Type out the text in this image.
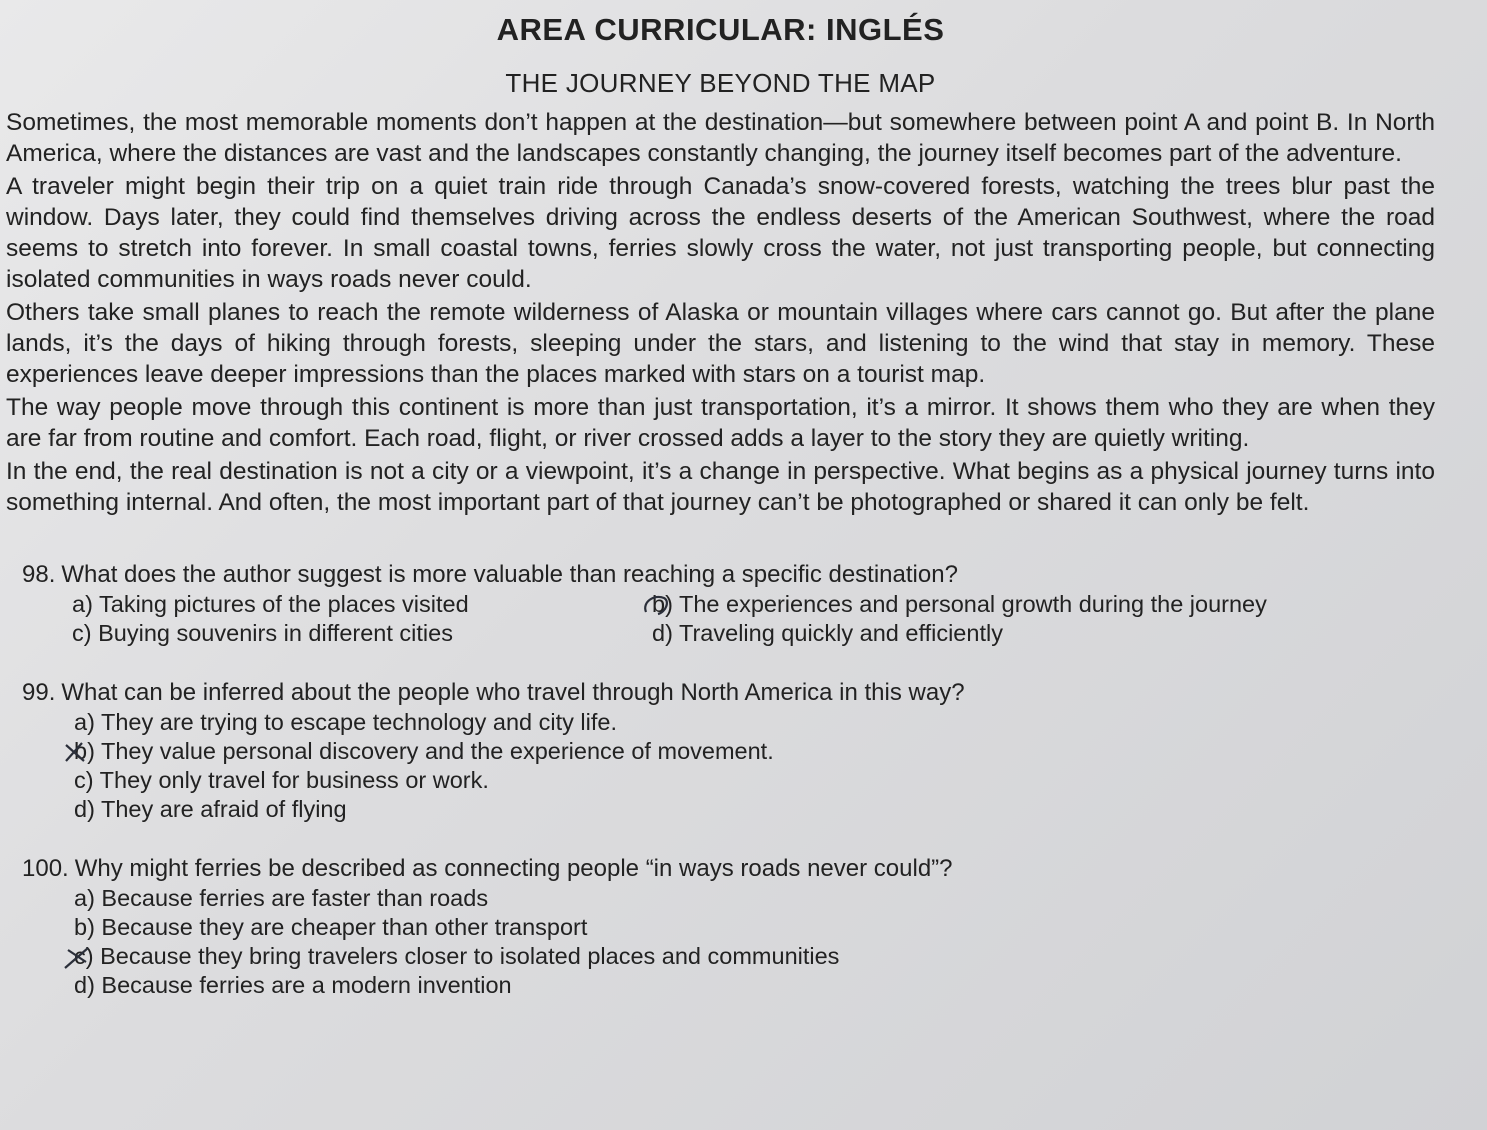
AREA CURRICULAR: INGLÉS
THE JOURNEY BEYOND THE MAP

Sometimes, the most memorable moments don’t happen at the destination—but somewhere between point A and point B. In North America, where the distances are vast and the landscapes constantly changing, the journey itself becomes part of the adventure.

A traveler might begin their trip on a quiet train ride through Canada’s snow-covered forests, watching the trees blur past the window. Days later, they could find themselves driving across the endless deserts of the American Southwest, where the road seems to stretch into forever. In small coastal towns, ferries slowly cross the water, not just transporting people, but connecting isolated communities in ways roads never could.

Others take small planes to reach the remote wilderness of Alaska or mountain villages where cars cannot go. But after the plane lands, it’s the days of hiking through forests, sleeping under the stars, and listening to the wind that stay in memory. These experiences leave deeper impressions than the places marked with stars on a tourist map.

The way people move through this continent is more than just transportation, it’s a mirror. It shows them who they are when they are far from routine and comfort. Each road, flight, or river crossed adds a layer to the story they are quietly writing.

In the end, the real destination is not a city or a viewpoint, it’s a change in perspective. What begins as a physical journey turns into something internal. And often, the most important part of that journey can’t be photographed or shared it can only be felt.

98. What does the author suggest is more valuable than reaching a specific destination?
a) Taking pictures of the places visited	b) The experiences and personal growth during the journey
c) Buying souvenirs in different cities	d) Traveling quickly and efficiently
99. What can be inferred about the people who travel through North America in this way?
a) They are trying to escape technology and city life.
b) They value personal discovery and the experience of movement.
c) They only travel for business or work.
d) They are afraid of flying
100. Why might ferries be described as connecting people “in ways roads never could”?
a) Because ferries are faster than roads
b) Because they are cheaper than other transport
c) Because they bring travelers closer to isolated places and communities
d) Because ferries are a modern invention
